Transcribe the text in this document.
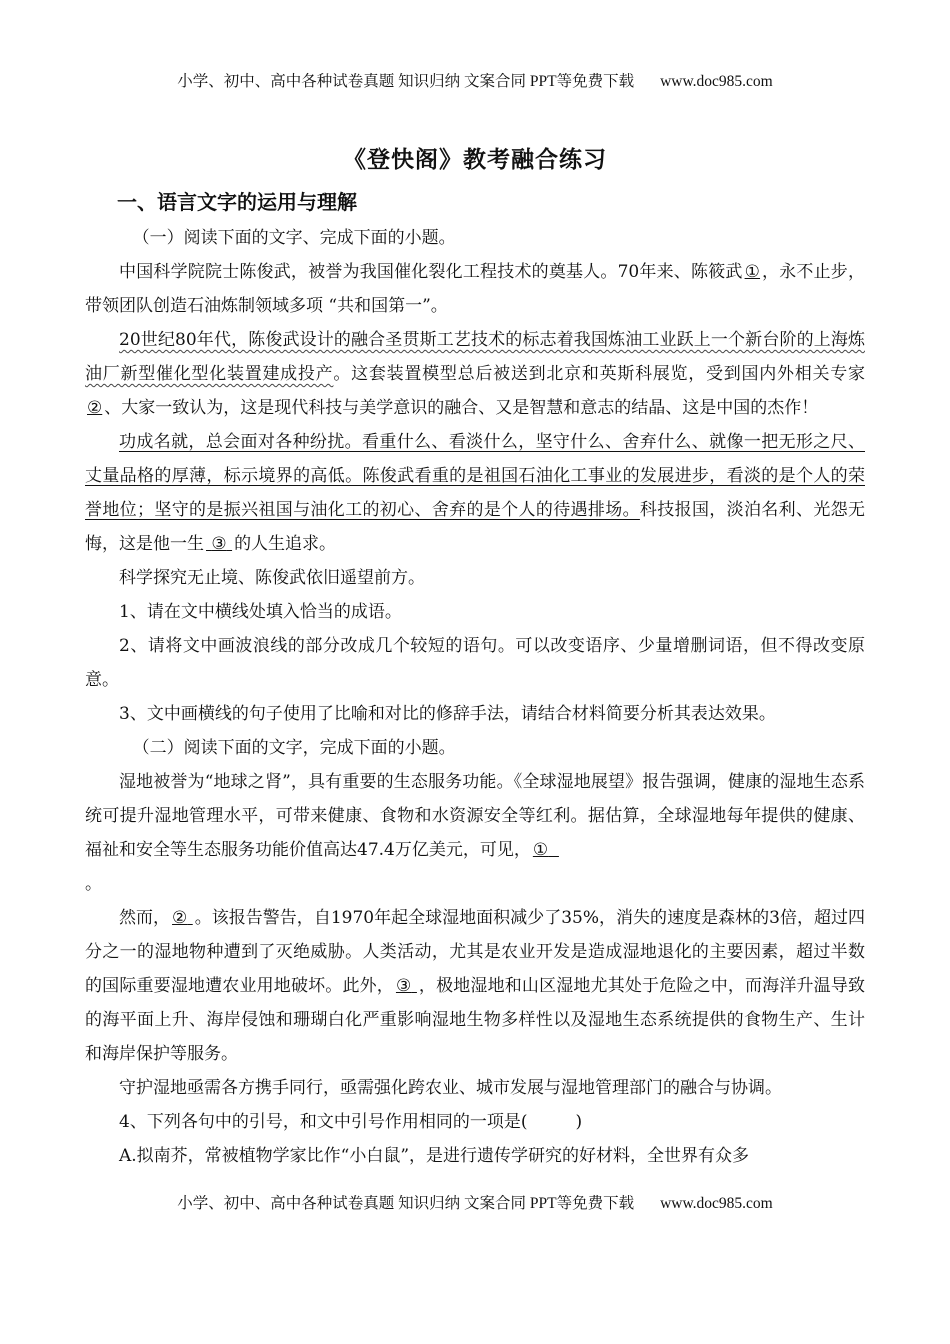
小学、初中、高中各种试卷真题 知识归纳 文案合同 PPT等免费下载 www.doc985.com
《登快阁》教考融合练习

一、语言文字的运用与理解

（一）阅读下面的文字、完成下面的小题。

中国科学院院士陈俊武，被誉为我国催化裂化工程技术的奠基人。70年来、陈筱武 ① ，永不止步，带领团队创造石油炼制领域多项 “共和国第一”。

20世纪80年代，陈俊武设计的融合圣贯斯工艺技术的标志着我国炼油工业跃上一个新台阶的上海炼油厂新型催化型化装置建成投产。这套装置模型总后被送到北京和英斯科展览，受到国内外相关专家② 、大家一致认为，这是现代科技与美学意识的融合、又是智慧和意志的结晶、这是中国的杰作！

功成名就，总会面对各种纷扰。看重什么、看淡什么，坚守什么、舍弃什么、就像一把无形之尺、丈量品格的厚薄，标示境界的高低。陈俊武看重的是祖国石油化工事业的发展进步，看淡的是个人的荣誉地位；坚守的是振兴祖国与油化工的初心、舍弃的是个人的待遇排场。科技报国，淡泊名利、光怨无悔，这是他一生 ③ 的人生追求。

科学探究无止境、陈俊武依旧遥望前方。

1、请在文中横线处填入恰当的成语。

2、请将文中画波浪线的部分改成几个较短的语句。可以改变语序、少量增删词语，但不得改变原意。

3、文中画横线的句子使用了比喻和对比的修辞手法，请结合材料简要分析其表达效果。

（二）阅读下面的文字，完成下面的小题。

湿地被誉为“地球之肾”，具有重要的生态服务功能。《全球湿地展望》报告强调，健康的湿地生态系统可提升湿地管理水平，可带来健康、食物和水资源安全等红利。据估算，全球湿地每年提供的健康、福祉和安全等生态服务功能价值高达47.4万亿美元，可见， ①

。

然而， ② 。该报告警告，自1970年起全球湿地面积减少了35%，消失的速度是森林的3倍，超过四分之一的湿地物种遭到了灭绝威胁。人类活动，尤其是农业开发是造成湿地退化的主要因素，超过半数的国际重要湿地遭农业用地破坏。此外， ③ ，极地湿地和山区湿地尤其处于危险之中，而海洋升温导致的海平面上升、海岸侵蚀和珊瑚白化严重影响湿地生物多样性以及湿地生态系统提供的食物生产、生计和海岸保护等服务。

守护湿地亟需各方携手同行，亟需强化跨农业、城市发展与湿地管理部门的融合与协调。

4、下列各句中的引号，和文中引号作用相同的一项是(	)

A.拟南芥，常被植物学家比作“小白鼠”，是进行遗传学研究的好材料，全世界有众多

小学、初中、高中各种试卷真题 知识归纳 文案合同 PPT等免费下载 www.doc985.com
